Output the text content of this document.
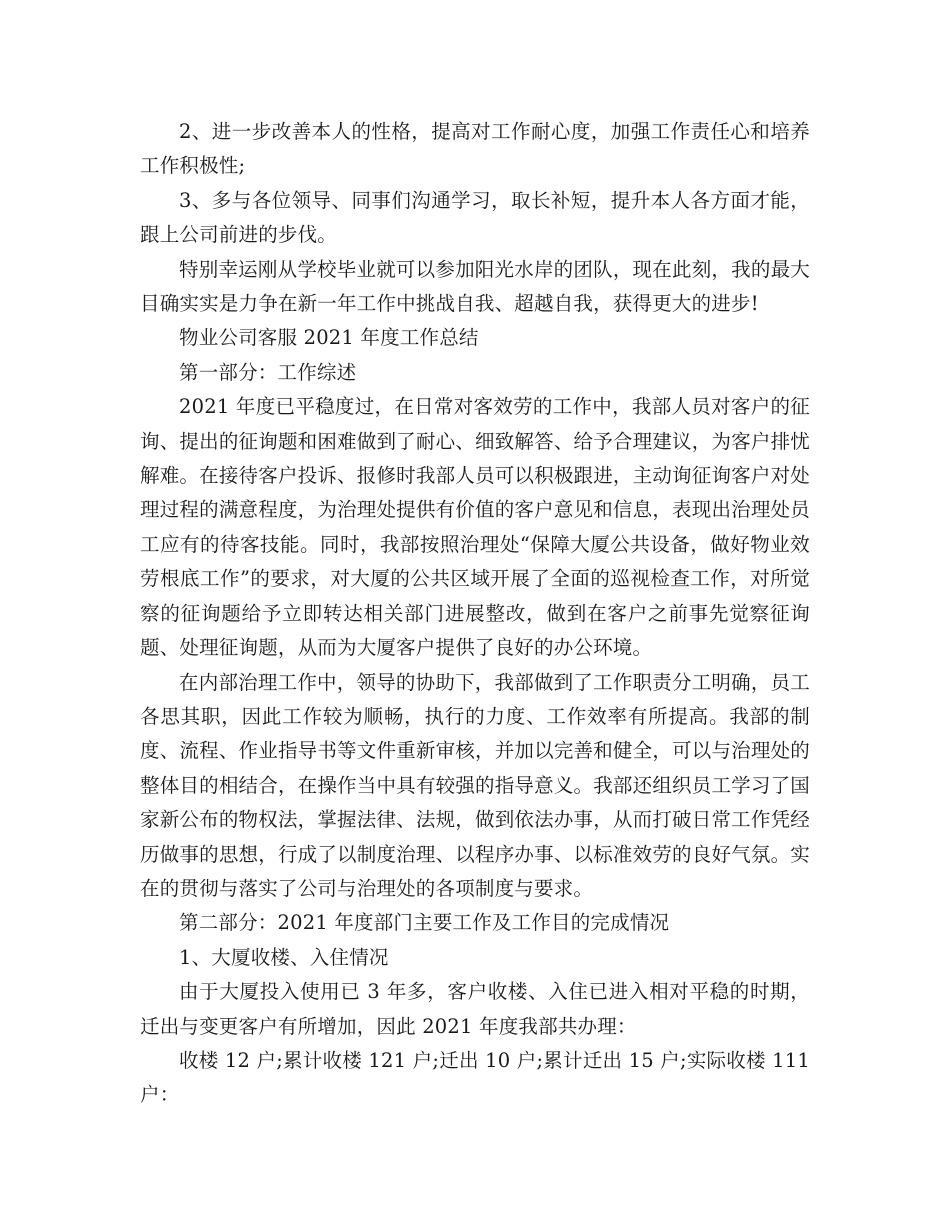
2、进一步改善本人的性格，提高对工作耐心度，加强工作责任心和培养工作积极性;

3、多与各位领导、同事们沟通学习，取长补短，提升本人各方面才能，跟上公司前进的步伐。

特别幸运刚从学校毕业就可以参加阳光水岸的团队，现在此刻，我的最大目确实实是力争在新一年工作中挑战自我、超越自我，获得更大的进步!

物业公司客服 2021 年度工作总结

第一部分：工作综述

2021 年度已平稳度过，在日常对客效劳的工作中，我部人员对客户的征询、提出的征询题和困难做到了耐心、细致解答、给予合理建议，为客户排忧解难。在接待客户投诉、报修时我部人员可以积极跟进，主动询征询客户对处理过程的满意程度，为治理处提供有价值的客户意见和信息，表现出治理处员工应有的待客技能。同时，我部按照治理处“保障大厦公共设备，做好物业效劳根底工作”的要求，对大厦的公共区域开展了全面的巡视检查工作，对所觉察的征询题给予立即转达相关部门进展整改，做到在客户之前事先觉察征询题、处理征询题，从而为大厦客户提供了良好的办公环境。

在内部治理工作中，领导的协助下，我部做到了工作职责分工明确，员工各思其职，因此工作较为顺畅，执行的力度、工作效率有所提高。我部的制度、流程、作业指导书等文件重新审核，并加以完善和健全，可以与治理处的整体目的相结合，在操作当中具有较强的指导意义。我部还组织员工学习了国家新公布的物权法，掌握法律、法规，做到依法办事，从而打破日常工作凭经历做事的思想，行成了以制度治理、以程序办事、以标准效劳的良好气氛。实在的贯彻与落实了公司与治理处的各项制度与要求。

第二部分：2021 年度部门主要工作及工作目的完成情况

1、大厦收楼、入住情况

由于大厦投入使用已 3 年多，客户收楼、入住已进入相对平稳的时期，迁出与变更客户有所增加，因此 2021 年度我部共办理：

收楼 12 户;累计收楼 121 户;迁出 10 户;累计迁出 15 户;实际收楼 111 户：
